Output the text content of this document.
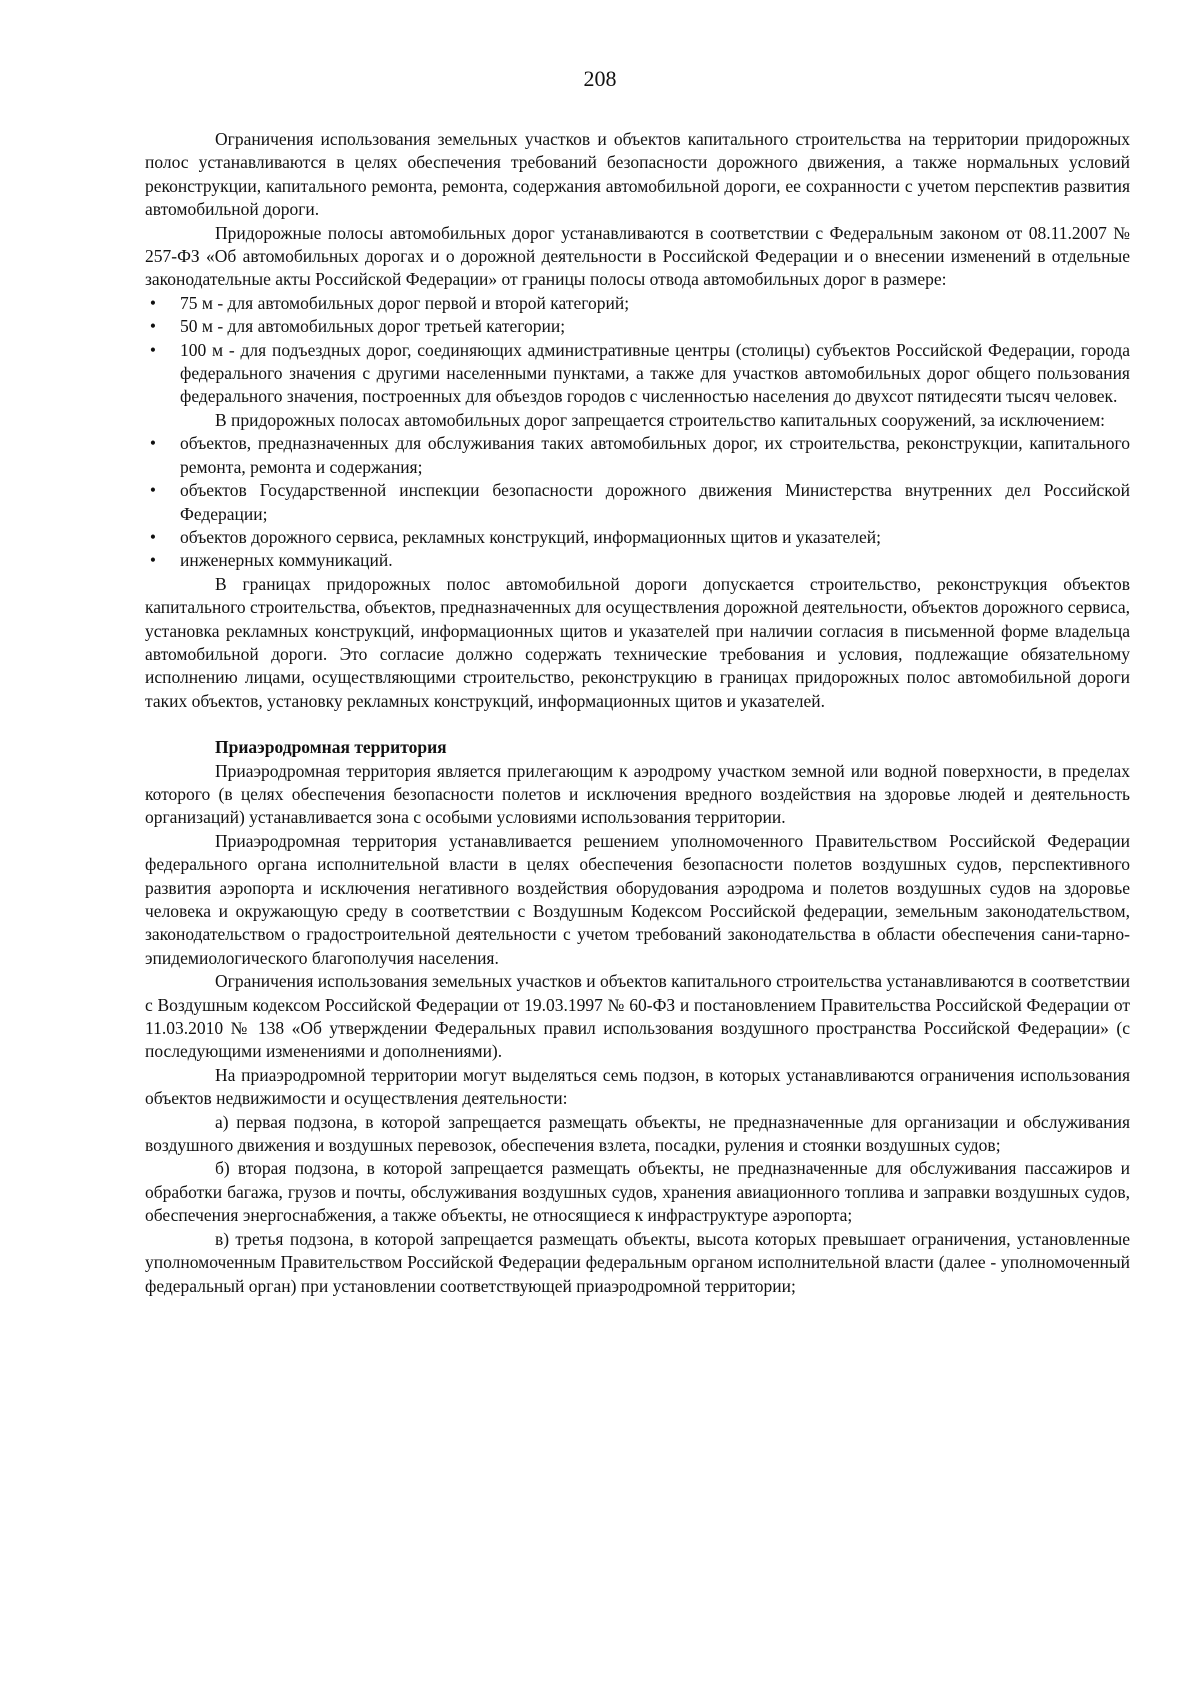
208

Ограничения использования земельных участков и объектов капитального строительства на территории придорожных полос устанавливаются в целях обеспечения требований безопасности дорожного движения, а также нормальных условий реконструкции, капитального ремонта, ремонта, содержания автомобильной дороги, ее сохранности с учетом перспектив развития автомобильной дороги.

Придорожные полосы автомобильных дорог устанавливаются в соответствии с Федеральным законом от 08.11.2007 № 257-ФЗ «Об автомобильных дорогах и о дорожной деятельности в Российской Федерации и о внесении изменений в отдельные законодательные акты Российской Федерации» от границы полосы отвода автомобильных дорог в размере:

• 75 м - для автомобильных дорог первой и второй категорий;
• 50 м - для автомобильных дорог третьей категории;
• 100 м - для подъездных дорог, соединяющих административные центры (столицы) субъектов Российской Федерации, города федерального значения с другими населенными пунктами, а также для участков автомобильных дорог общего пользования федерального значения, построенных для объездов городов с численностью населения до двухсот пятидесяти тысяч человек.

В придорожных полосах автомобильных дорог запрещается строительство капитальных сооружений, за исключением:

• объектов, предназначенных для обслуживания таких автомобильных дорог, их строительства, реконструкции, капитального ремонта, ремонта и содержания;
• объектов Государственной инспекции безопасности дорожного движения Министерства внутренних дел Российской Федерации;
• объектов дорожного сервиса, рекламных конструкций, информационных щитов и указателей;
• инженерных коммуникаций.

В границах придорожных полос автомобильной дороги допускается строительство, реконструкция объектов капитального строительства, объектов, предназначенных для осуществления дорожной деятельности, объектов дорожного сервиса, установка рекламных конструкций, информационных щитов и указателей при наличии согласия в письменной форме владельца автомобильной дороги. Это согласие должно содержать технические требования и условия, подлежащие обязательному исполнению лицами, осуществляющими строительство, реконструкцию в границах придорожных полос автомобильной дороги таких объектов, установку рекламных конструкций, информационных щитов и указателей.

Приаэродромная территория

Приаэродромная территория является прилегающим к аэродрому участком земной или водной поверхности, в пределах которого (в целях обеспечения безопасности полетов и исключения вредного воздействия на здоровье людей и деятельность организаций) устанавливается зона с особыми условиями использования территории.

Приаэродромная территория устанавливается решением уполномоченного Правительством Российской Федерации федерального органа исполнительной власти в целях обеспечения безопасности полетов воздушных судов, перспективного развития аэропорта и исключения негативного воздействия оборудования аэродрома и полетов воздушных судов на здоровье человека и окружающую среду в соответствии с Воздушным Кодексом Российской федерации, земельным законодательством, законодательством о градостроительной деятельности с учетом требований законодательства в области обеспечения сани-тарно-эпидемиологического благополучия населения.

Ограничения использования земельных участков и объектов капитального строительства устанавливаются в соответствии с Воздушным кодексом Российской Федерации от 19.03.1997 № 60-ФЗ и постановлением Правительства Российской Федерации от 11.03.2010 № 138 «Об утверждении Федеральных правил использования воздушного пространства Российской Федерации» (с последующими изменениями и дополнениями).

На приаэродромной территории могут выделяться семь подзон, в которых устанавливаются ограничения использования объектов недвижимости и осуществления деятельности:

а) первая подзона, в которой запрещается размещать объекты, не предназначенные для организации и обслуживания воздушного движения и воздушных перевозок, обеспечения взлета, посадки, руления и стоянки воздушных судов;

б) вторая подзона, в которой запрещается размещать объекты, не предназначенные для обслуживания пассажиров и обработки багажа, грузов и почты, обслуживания воздушных судов, хранения авиационного топлива и заправки воздушных судов, обеспечения энергоснабжения, а также объекты, не относящиеся к инфраструктуре аэропорта;

в) третья подзона, в которой запрещается размещать объекты, высота которых превышает ограничения, установленные уполномоченным Правительством Российской Федерации федеральным органом исполнительной власти (далее - уполномоченный федеральный орган) при установлении соответствующей приаэродромной территории;
